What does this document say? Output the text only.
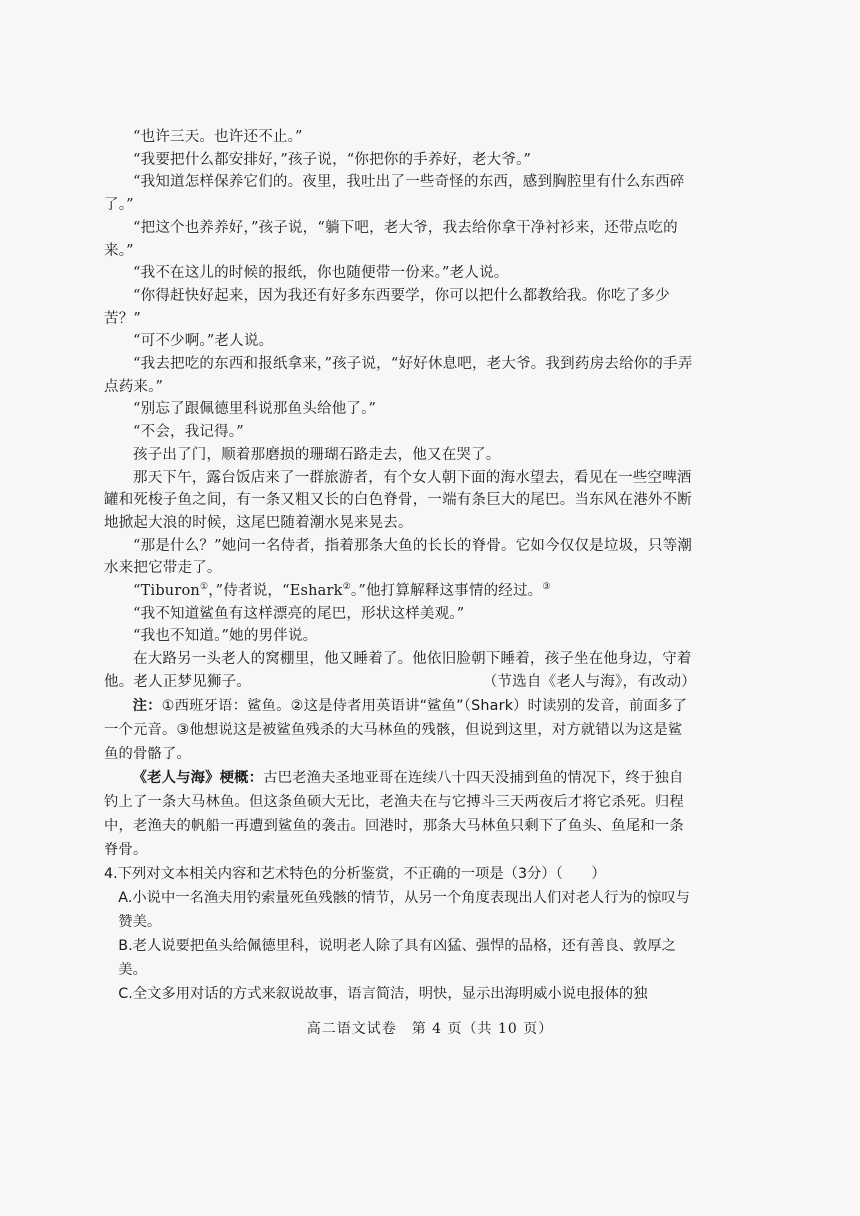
“也许三天。也许还不止。”

“我要把什么都安排好，”孩子说，“你把你的手养好，老大爷。”

“我知道怎样保养它们的。夜里，我吐出了一些奇怪的东西，感到胸腔里有什么东西碎了。”

“把这个也养养好，”孩子说，“躺下吧，老大爷，我去给你拿干净衬衫来，还带点吃的来。”

“我不在这儿的时候的报纸，你也随便带一份来。”老人说。

“你得赶快好起来，因为我还有好多东西要学，你可以把什么都教给我。你吃了多少苦？”

“可不少啊。”老人说。

“我去把吃的东西和报纸拿来，”孩子说，“好好休息吧，老大爷。我到药房去给你的手弄点药来。”

“别忘了跟佩德里科说那鱼头给他了。”

“不会，我记得。”

孩子出了门，顺着那磨损的珊瑚石路走去，他又在哭了。

那天下午，露台饭店来了一群旅游者，有个女人朝下面的海水望去，看见在一些空啤酒罐和死梭子鱼之间，有一条又粗又长的白色脊骨，一端有条巨大的尾巴。当东风在港外不断地掀起大浪的时候，这尾巴随着潮水晃来晃去。

“那是什么？”她问一名侍者，指着那条大鱼的长长的脊骨。它如今仅仅是垃圾，只等潮水来把它带走了。

“Tiburon①，”侍者说，“Eshark②。”他打算解释这事情的经过。③

“我不知道鲨鱼有这样漂亮的尾巴，形状这样美观。”

“我也不知道。”她的男伴说。

在大路另一头老人的窝棚里，他又睡着了。他依旧脸朝下睡着，孩子坐在他身边，守着他。老人正梦见狮子。	（节选自《老人与海》，有改动）

注：①西班牙语：鲨鱼。②这是侍者用英语讲“鲨鱼”（Shark）时读别的发音，前面多了一个元音。③他想说这是被鲨鱼残杀的大马林鱼的残骸，但说到这里，对方就错以为这是鲨鱼的骨骼了。

《老人与海》梗概：古巴老渔夫圣地亚哥在连续八十四天没捕到鱼的情况下，终于独自钓上了一条大马林鱼。但这条鱼硕大无比，老渔夫在与它搏斗三天两夜后才将它杀死。归程中，老渔夫的帆船一再遭到鲨鱼的袭击。回港时，那条大马林鱼只剩下了鱼头、鱼尾和一条脊骨。

4.下列对文本相关内容和艺术特色的分析鉴赏，不正确的一项是（3分）（　　）

A.小说中一名渔夫用钓索量死鱼残骸的情节，从另一个角度表现出人们对老人行为的惊叹与赞美。

B.老人说要把鱼头给佩德里科，说明老人除了具有凶猛、强悍的品格，还有善良、敦厚之美。

C.全文多用对话的方式来叙说故事，语言简洁，明快，显示出海明威小说电报体的独

高二语文试卷　第 4 页（共 10 页）
